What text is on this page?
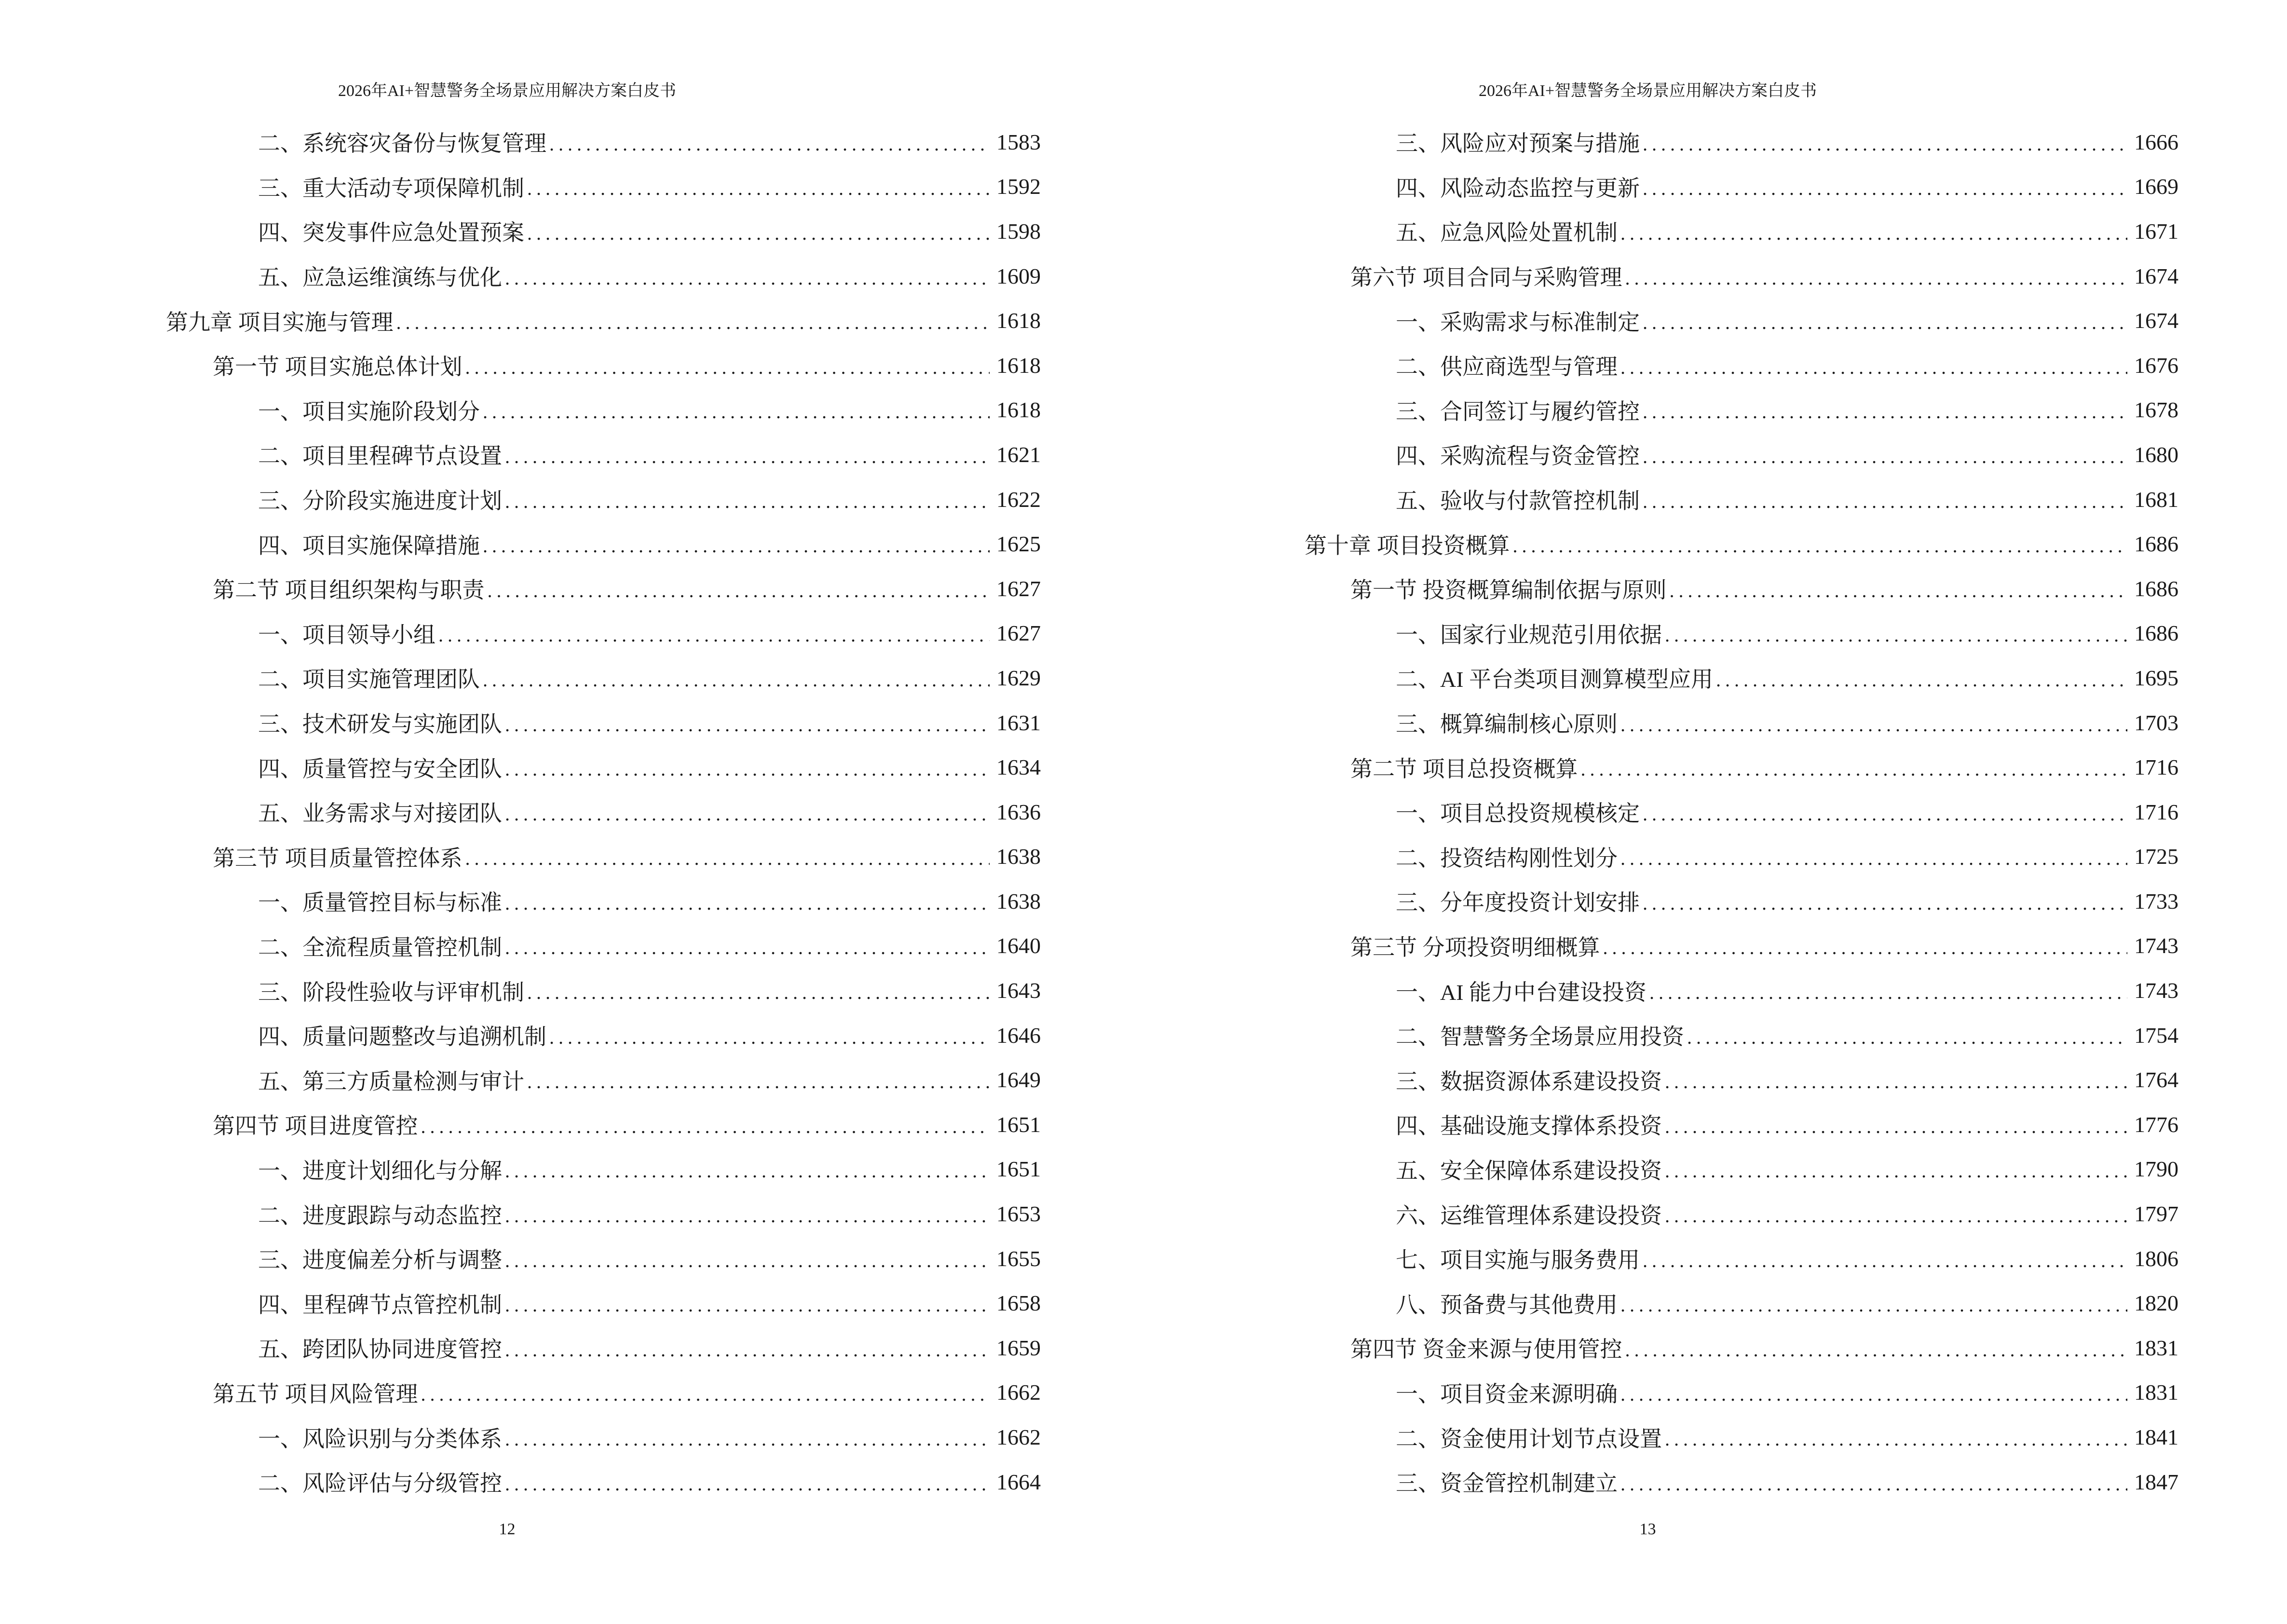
2026年AI+智慧警务全场景应用解决方案白皮书
二、系统容灾备份与恢复管理 .....	1583
三、重大活动专项保障机制 .....	1592
四、突发事件应急处置预案 .....	1598
五、应急运维演练与优化 .....	1609
第九章 项目实施与管理 .....	1618
第一节 项目实施总体计划 .....	1618
一、项目实施阶段划分 .....	1618
二、项目里程碑节点设置 .....	1621
三、分阶段实施进度计划 .....	1622
四、项目实施保障措施 .....	1625
第二节 项目组织架构与职责 .....	1627
一、项目领导小组 .....	1627
二、项目实施管理团队 .....	1629
三、技术研发与实施团队 .....	1631
四、质量管控与安全团队 .....	1634
五、业务需求与对接团队 .....	1636
第三节 项目质量管控体系 .....	1638
一、质量管控目标与标准 .....	1638
二、全流程质量管控机制 .....	1640
三、阶段性验收与评审机制 .....	1643
四、质量问题整改与追溯机制 .....	1646
五、第三方质量检测与审计 .....	1649
第四节 项目进度管控 .....	1651
一、进度计划细化与分解 .....	1651
二、进度跟踪与动态监控 .....	1653
三、进度偏差分析与调整 .....	1655
四、里程碑节点管控机制 .....	1658
五、跨团队协同进度管控 .....	1659
第五节 项目风险管理 .....	1662
一、风险识别与分类体系 .....	1662
二、风险评估与分级管控 .....	1664
12
2026年AI+智慧警务全场景应用解决方案白皮书
三、风险应对预案与措施 .....	1666
四、风险动态监控与更新 .....	1669
五、应急风险处置机制 .....	1671
第六节 项目合同与采购管理 .....	1674
一、采购需求与标准制定 .....	1674
二、供应商选型与管理 .....	1676
三、合同签订与履约管控 .....	1678
四、采购流程与资金管控 .....	1680
五、验收与付款管控机制 .....	1681
第十章 项目投资概算 .....	1686
第一节 投资概算编制依据与原则 .....	1686
一、国家行业规范引用依据 .....	1686
二、AI 平台类项目测算模型应用 .....	1695
三、概算编制核心原则 .....	1703
第二节 项目总投资概算 .....	1716
一、项目总投资规模核定 .....	1716
二、投资结构刚性划分 .....	1725
三、分年度投资计划安排 .....	1733
第三节 分项投资明细概算 .....	1743
一、AI 能力中台建设投资 .....	1743
二、智慧警务全场景应用投资 .....	1754
三、数据资源体系建设投资 .....	1764
四、基础设施支撑体系投资 .....	1776
五、安全保障体系建设投资 .....	1790
六、运维管理体系建设投资 .....	1797
七、项目实施与服务费用 .....	1806
八、预备费与其他费用 .....	1820
第四节 资金来源与使用管控 .....	1831
一、项目资金来源明确 .....	1831
二、资金使用计划节点设置 .....	1841
三、资金管控机制建立 .....	1847
13
